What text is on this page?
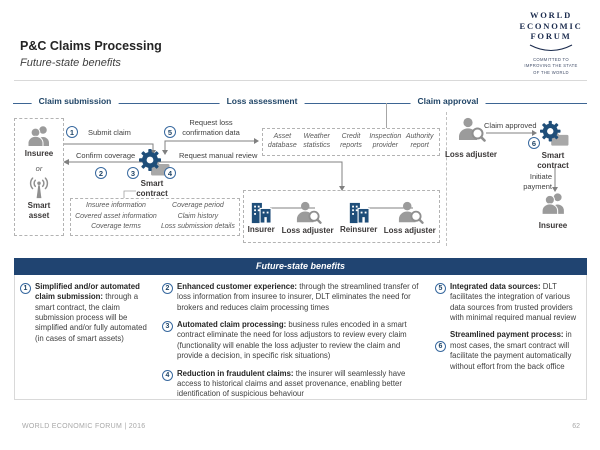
P&C Claims Processing
Future-state benefits
WORLD
ECONOMIC
FORUM
COMMITTED TO
IMPROVING THE STATE
OF THE WORLD
Claim submission	Loss assessment	Claim approval
Insuree
or
Smart asset
1	5
2	3	4
6
Submit claim
Request loss confirmation data
Confirm coverage	Request manual review
Claim approved
Initiate payment
Smart contract
Insuree information
Covered asset information
Coverage terms
Coverage period
Claim history
Loss submission details
Asset database
Weather statistics
Credit reports
Inspection provider
Authority report
Insurer Loss adjuster Reinsurer Loss adjuster
Loss adjuster	Smart contract
Insuree
Future-state benefits
1 Simplified and/or automated claim submission: through a smart contract, the claim submission process will be simplified and/or fully automated (in cases of smart assets)

2 Enhanced customer experience: through the streamlined transfer of loss information from insuree to insurer, DLT eliminates the need for brokers and reduces claim processing times

3 Automated claim processing: business rules encoded in a smart contract eliminate the need for loss adjustors to review every claim (functionality will enable the loss adjuster to review the claim and provide a decision, in specific risk situations)

4 Reduction in fraudulent claims: the insurer will seamlessly have access to historical claims and asset provenance, enabling better identification of suspicious behaviour

5 Integrated data sources: DLT facilitates the integration of various data sources from trusted providers with minimal required manual review

6

Streamlined payment process: in most cases, the smart contract will facilitate the payment automatically without effort from the back office

WORLD ECONOMIC FORUM | 2016	62
